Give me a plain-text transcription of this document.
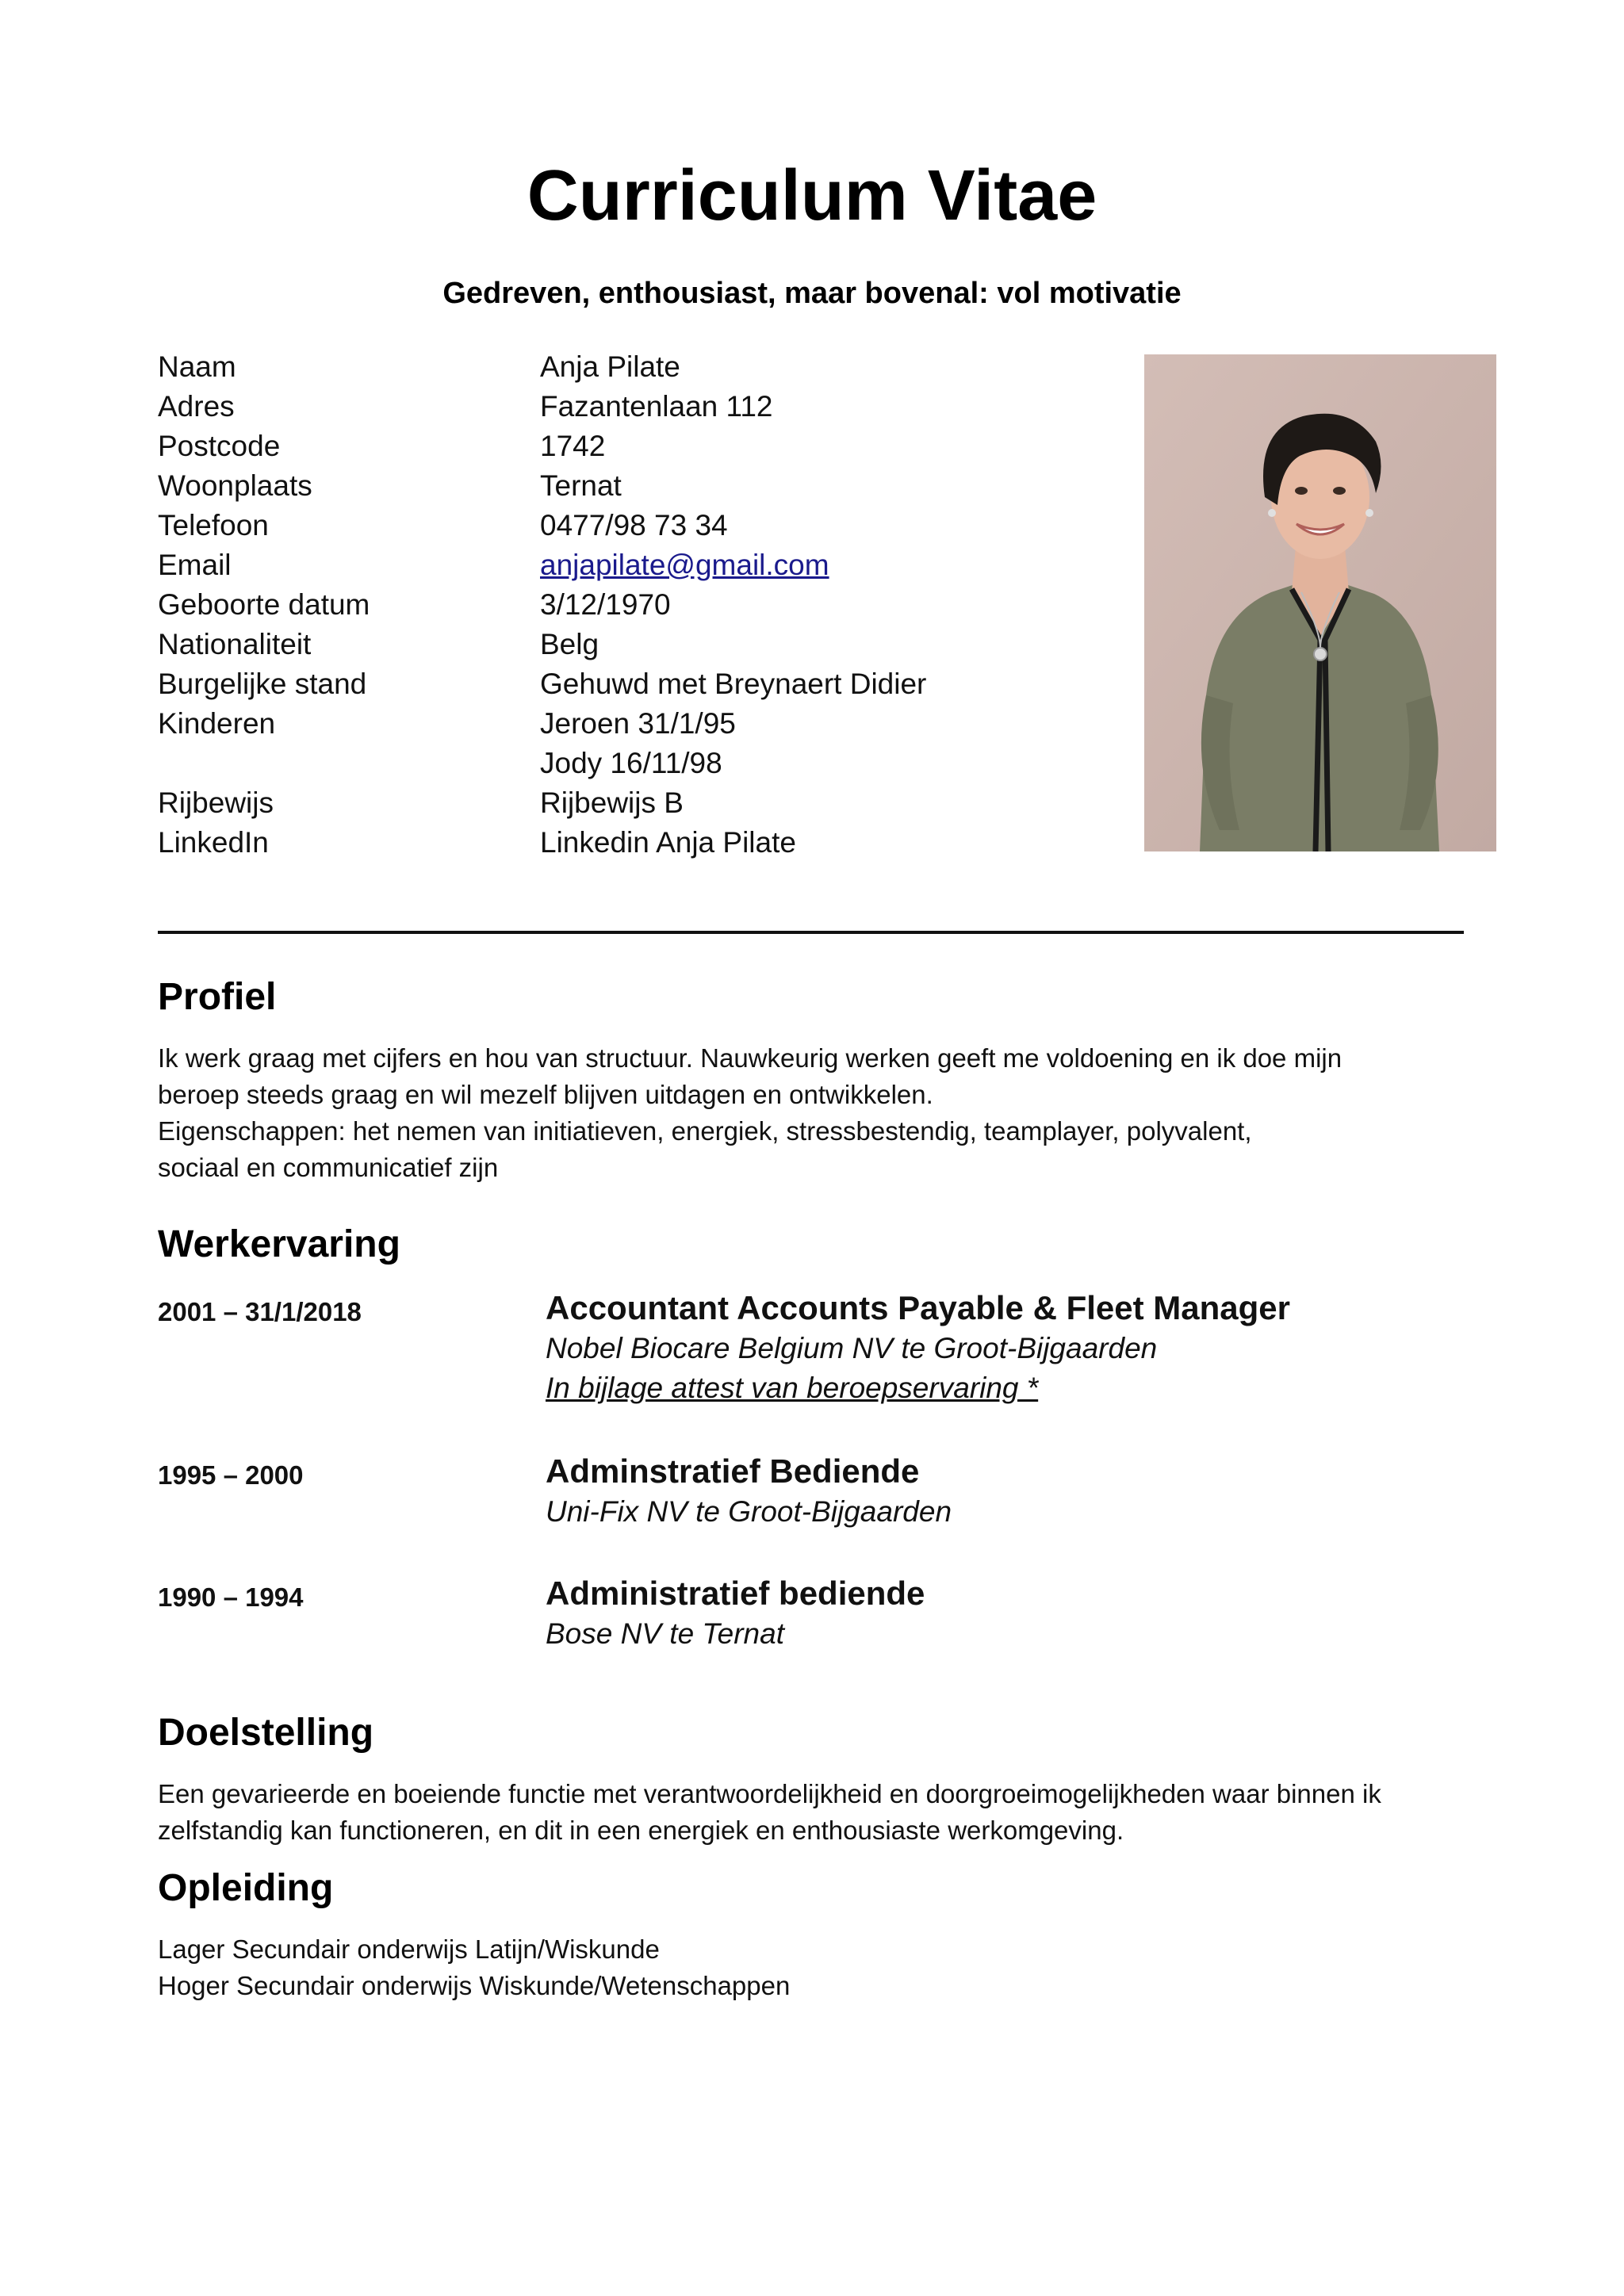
Curriculum Vitae
Gedreven, enthousiast, maar bovenal: vol motivatie
Naam	Anja Pilate
Adres	Fazantenlaan 112
Postcode	1742
Woonplaats	Ternat
Telefoon	0477/98 73 34
Email	anjapilate@gmail.com
Geboorte datum	3/12/1970
Nationaliteit	Belg
Burgelijke stand	Gehuwd met Breynaert Didier
Kinderen	Jeroen 31/1/95
Jody 16/11/98
Rijbewijs	Rijbewijs B
LinkedIn	Linkedin Anja Pilate
Profiel
Ik werk graag met cijfers en hou van structuur. Nauwkeurig werken geeft me voldoening en ik doe mijn
beroep steeds graag en wil mezelf blijven uitdagen en ontwikkelen.
Eigenschappen: het nemen van initiatieven, energiek, stressbestendig, teamplayer, polyvalent,
sociaal en communicatief zijn
Werkervaring
2001 – 31/1/2018	Accountant Accounts Payable & Fleet Manager
Nobel Biocare Belgium NV te Groot-Bijgaarden
In bijlage attest van beroepservaring *
1995 – 2000	Adminstratief Bediende
Uni-Fix NV te Groot-Bijgaarden
1990 – 1994	Administratief bediende
Bose NV te Ternat
Doelstelling
Een gevarieerde en boeiende functie met verantwoordelijkheid en doorgroeimogelijkheden waar binnen ik
zelfstandig kan functioneren, en dit in een energiek en enthousiaste werkomgeving.
Opleiding
Lager Secundair onderwijs Latijn/Wiskunde
Hoger Secundair onderwijs Wiskunde/Wetenschappen
